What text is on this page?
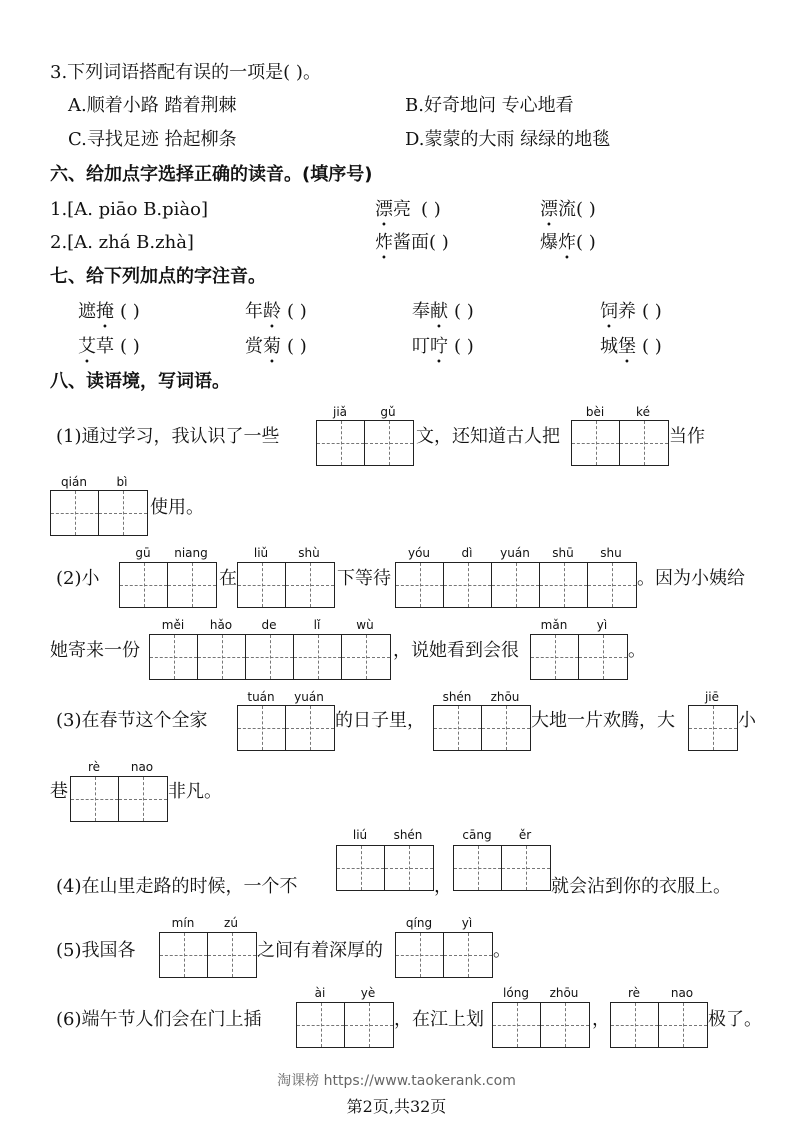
3.下列词语搭配有误的一项是( )。
A.顺着小路 踏着荆棘	B.好奇地问 专心地看
C.寻找足迹 拾起柳条	D.蒙蒙的大雨 绿绿的地毯
六、给加点字选择正确的读音。(填序号)
1.[A. piāo B.piào]	漂亮 ( )	漂流( )
2.[A. zhá B.zhà]	炸酱面( )	爆炸( )
七、给下列加点的字注音。
遮掩 ( )	年龄 ( )	奉献 ( )	饲养 ( )
艾草 ( )	赏菊 ( )	叮咛 ( )	城堡 ( )
八、读语境，写词语。
(1)通过学习，我认识了一些
jiǎ	gǔ
文，还知道古人把
bèi	ké
当作
qián	bì
使用。
(2)小
gū	niang
在
liǔ	shù
下等待
yóu	dì	yuán	shū	shu
。因为小姨给
她寄来一份
měi	hǎo	de	lǐ	wù
，说她看到会很
mǎn	yì
。
(3)在春节这个全家
tuán	yuán
的日子里，
shén	zhōu
大地一片欢腾，大
jiē
小
巷
rè	nao
非凡。
(4)在山里走路的时候，一个不
liú	shén
，
cāng	ěr
就会沾到你的衣服上。
(5)我国各
mín	zú
之间有着深厚的
qíng	yì
。
(6)端午节人们会在门上插
ài	yè
，在江上划
lóng	zhōu
，
rè	nao
极了。
淘课榜 https://www.taokerank.com
第2页,共32页
